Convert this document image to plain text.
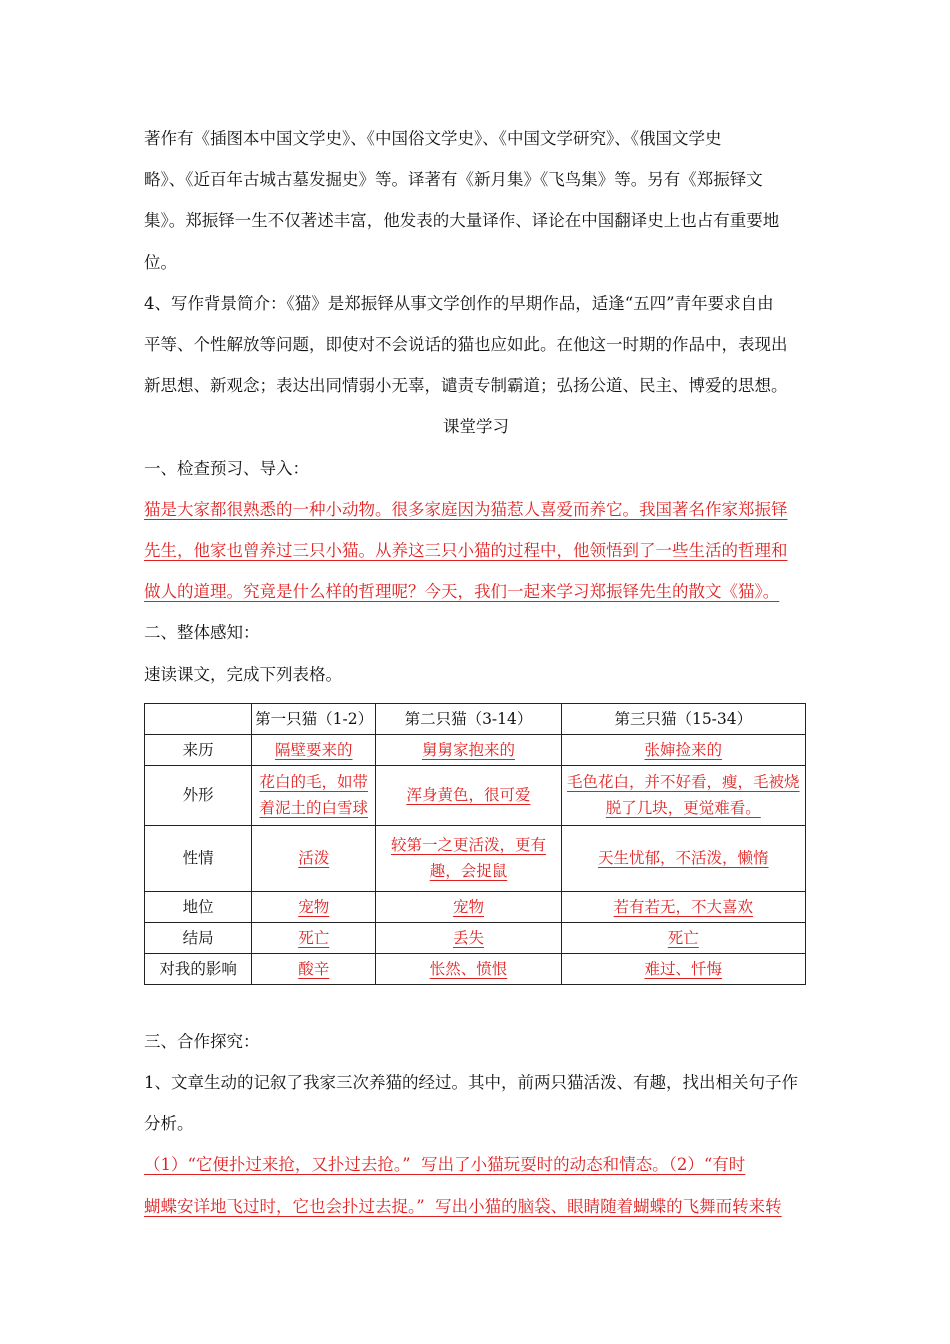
著作有《插图本中国文学史》、《中国俗文学史》、《中国文学研究》、《俄国文学史
略》、《近百年古城古墓发掘史》等。译著有《新月集》《飞鸟集》等。另有《郑振铎文
集》。郑振铎一生不仅著述丰富，他发表的大量译作、译论在中国翻译史上也占有重要地
位。
4、写作背景简介：《猫》是郑振铎从事文学创作的早期作品，适逢“五四”青年要求自由
平等、个性解放等问题，即使对不会说话的猫也应如此。在他这一时期的作品中，表现出
新思想、新观念；表达出同情弱小无辜，谴责专制霸道；弘扬公道、民主、博爱的思想。
课堂学习
一、检查预习、导入：
猫是大家都很熟悉的一种小动物。很多家庭因为猫惹人喜爱而养它。我国著名作家郑振铎
先生，他家也曾养过三只小猫。从养这三只小猫的过程中，他领悟到了一些生活的哲理和
做人的道理。究竟是什么样的哲理呢？今天，我们一起来学习郑振铎先生的散文《猫》。
二、整体感知：
速读课文，完成下列表格。
	第一只猫（1-2）	第二只猫（3-14）	第三只猫（15-34）
来历	隔壁要来的	舅舅家抱来的	张婶捡来的
外形	花白的毛，如带着泥土的白雪球	浑身黄色，很可爱	毛色花白，并不好看，瘦，毛被烧脱了几块，更觉难看。
性情	活泼	较第一之更活泼，更有趣，会捉鼠	天生忧郁，不活泼，懒惰
地位	宠物	宠物	若有若无，不大喜欢
结局	死亡	丢失	死亡
对我的影响	酸辛	怅然、愤恨	难过、忏悔
三、合作探究：
1、文章生动的记叙了我家三次养猫的经过。其中，前两只猫活泼、有趣，找出相关句子作
分析。
（1）“它便扑过来抢，又扑过去抢。”  写出了小猫玩耍时的动态和情态。（2）“有时
蝴蝶安详地飞过时，它也会扑过去捉。”  写出小猫的脑袋、眼睛随着蝴蝶的飞舞而转来转
